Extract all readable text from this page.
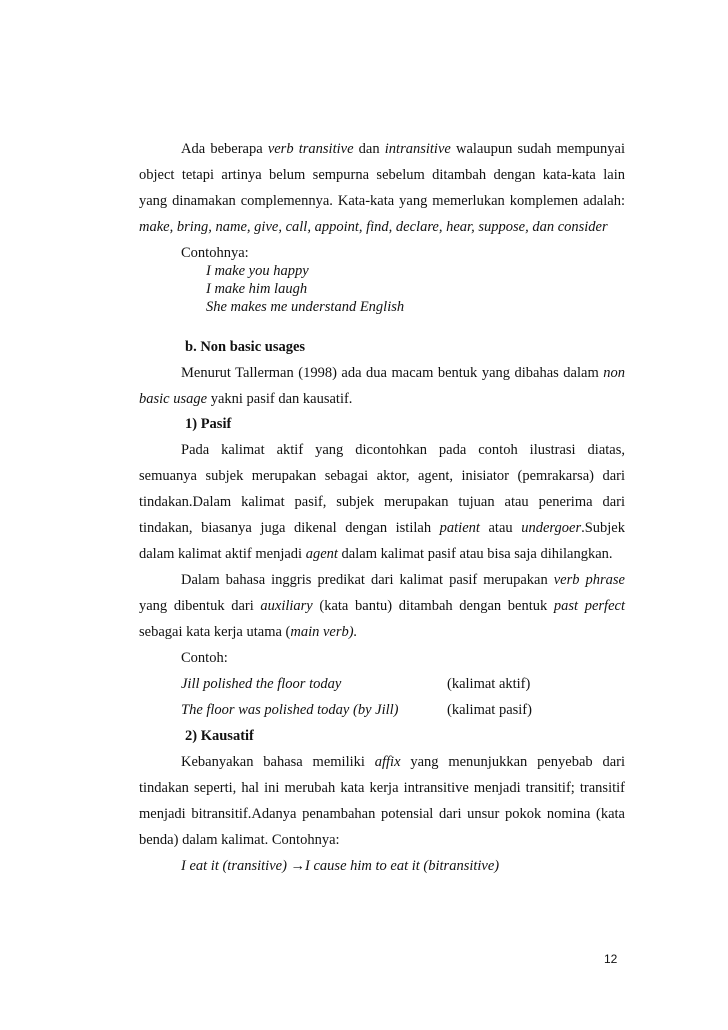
Ada beberapa verb transitive dan intransitive walaupun sudah mempunyai
object tetapi artinya belum sempurna sebelum ditambah dengan kata-kata lain
yang dinamakan complemennya. Kata-kata yang memerlukan komplemen adalah:
make, bring, name, give, call, appoint, find, declare, hear, suppose, dan consider
Contohnya:
I make you happy
I make him laugh
She makes me understand English
b. Non basic usages
Menurut Tallerman (1998) ada dua macam bentuk yang dibahas dalam non
basic usage yakni pasif dan kausatif.
1) Pasif
Pada kalimat aktif yang dicontohkan pada contoh ilustrasi diatas,
semuanya subjek merupakan sebagai aktor, agent, inisiator (pemrakarsa) dari
tindakan.Dalam kalimat pasif, subjek merupakan tujuan atau penerima dari
tindakan, biasanya juga dikenal dengan istilah patient atau undergoer.Subjek
dalam kalimat aktif menjadi agent dalam kalimat pasif atau bisa saja dihilangkan.
Dalam bahasa inggris predikat dari kalimat pasif merupakan verb phrase
yang dibentuk dari auxiliary (kata bantu) ditambah dengan bentuk past perfect
sebagai kata kerja utama (main verb).
Contoh:
Jill polished the floor today	(kalimat aktif)
The floor was polished today (by Jill)	(kalimat pasif)
2) Kausatif
Kebanyakan bahasa memiliki affix yang menunjukkan penyebab dari
tindakan seperti, hal ini merubah kata kerja intransitive menjadi transitif; transitif
menjadi bitransitif.Adanya penambahan potensial dari unsur pokok nomina (kata
benda) dalam kalimat. Contohnya:
I eat it (transitive) →I cause him to eat it (bitransitive)
12
